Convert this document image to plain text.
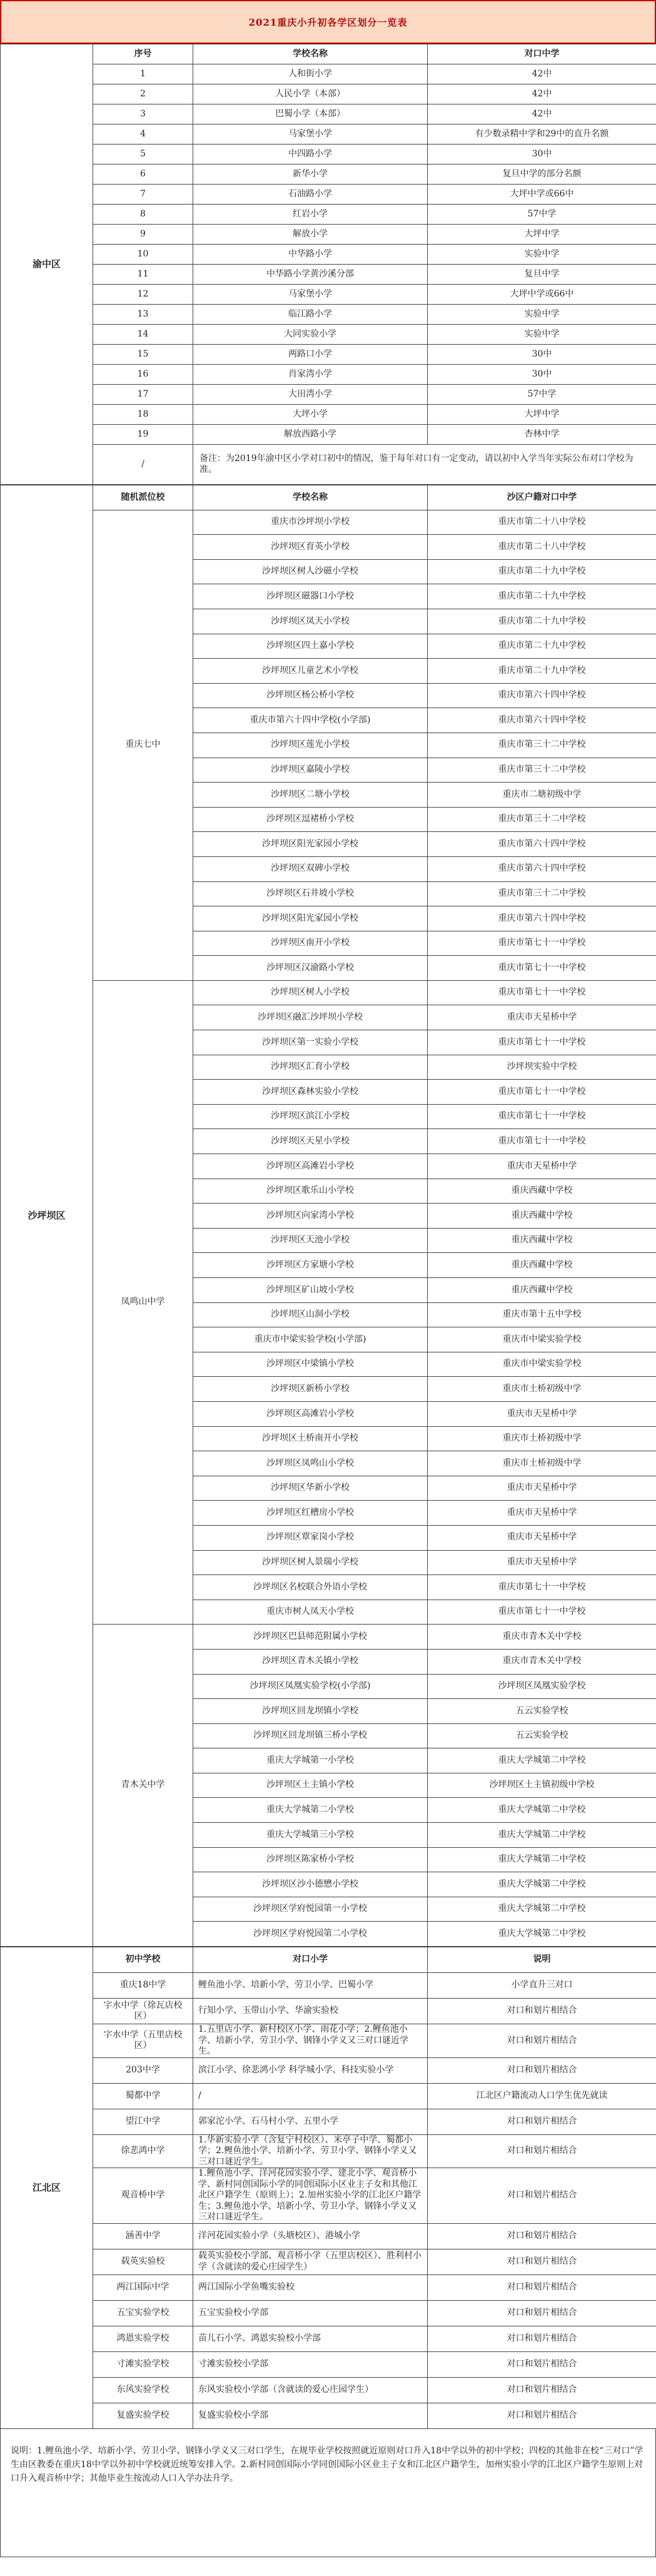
2021重庆小升初各学区划分一览表
渝中区	序号	学校名称	对口中学
	1	人和街小学	42中
	2	人民小学（本部）	42中
	3	巴蜀小学（本部）	42中
	4	马家堡小学	有少数录精中学和29中的直升名额
	5	中四路小学	30中
	6	新华小学	复旦中学的部分名额
	7	石油路小学	大坪中学或66中
	8	红岩小学	57中学
	9	解放小学	大坪中学
	10	中华路小学	实验中学
	11	中华路小学黄沙溪分部	复旦中学
	12	马家堡小学	大坪中学或66中
	13	临江路小学	实验中学
	14	大同实验小学	实验中学
	15	两路口小学	30中
	16	肖家湾小学	30中
	17	大田湾小学	57中学
	18	大坪小学	大坪中学
	19	解放西路小学	杏林中学
	/	备注：为2019年渝中区小学对口初中的情况，鉴于每年对口有一定变动，请以初中入学当年实际公布对口学校为准。	
沙坪坝区	随机派位校	学校名称	沙区户籍对口中学
	重庆七中	重庆市沙坪坝小学校	重庆市第二十八中学校
		沙坪坝区育英小学校	重庆市第二十八中学校
		沙坪坝区树人沙磁小学校	重庆市第二十九中学校
		沙坪坝区磁器口小学校	重庆市第二十九中学校
		沙坪坝区凤天小学校	重庆市第二十九中学校
		沙坪坝区四土嘉小学校	重庆市第二十九中学校
		沙坪坝区儿童艺术小学校	重庆市第二十九中学校
		沙坪坝区杨公桥小学校	重庆市第六十四中学校
		重庆市第六十四中学校(小学部)	重庆市第六十四中学校
		沙坪坝区莲光小学校	重庆市第三十二中学校
		沙坪坝区嘉陵小学校	重庆市第三十二中学校
		沙坪坝区二塘小学校	重庆市二塘初级中学
		沙坪坝区逗褚桥小学校	重庆市第三十二中学校
		沙坪坝区阳光家园小学校	重庆市第六十四中学校
		沙坪坝区双碑小学校	重庆市第六十四中学校
		沙坪坝区石井坡小学校	重庆市第三十二中学校
		沙坪坝区阳光家园小学校	重庆市第六十四中学校
		沙坪坝区南开小学校	重庆市第七十一中学校
		沙坪坝区汉渝路小学校	重庆市第七十一中学校
	凤鸣山中学	沙坪坝区树人小学校	重庆市第七十一中学校
		沙坪坝区融汇沙坪坝小学校	重庆市天星桥中学
		沙坪坝区第一实验小学校	重庆市第七十一中学校
		沙坪坝区汇育小学校	沙坪坝实验中学校
		沙坪坝区森林实验小学校	重庆市第七十一中学校
		沙坪坝区滨江小学校	重庆市第七十一中学校
		沙坪坝区天星小学校	重庆市第七十一中学校
		沙坪坝区高滩岩小学校	重庆市天星桥中学
		沙坪坝区歌乐山小学校	重庆西藏中学校
		沙坪坝区向家湾小学校	重庆西藏中学校
		沙坪坝区天池小学校	重庆西藏中学校
		沙坪坝区方家塘小学校	重庆西藏中学校
		沙坪坝区矿山坡小学校	重庆西藏中学校
		沙坪坝区山洞小学校	重庆市第十五中学校
		重庆市中梁实验学校(小学部)	重庆市中梁实验学校
		沙坪坝区中梁镇小学校	重庆市中梁实验学校
		沙坪坝区新桥小学校	重庆市土桥初级中学
		沙坪坝区高滩岩小学校	重庆市天星桥中学
		沙坪坝区土桥南开小学校	重庆市土桥初级中学
		沙坪坝区凤鸣山小学校	重庆市土桥初级中学
		沙坪坝区华新小学校	重庆市天星桥中学
		沙坪坝区红槽房小学校	重庆市天星桥中学
		沙坪坝区覃家岗小学校	重庆市天星桥中学
		沙坪坝区树人景瑞小学校	重庆市天星桥中学
		沙坪坝区名校联合外语小学校	重庆市第七十一中学校
		重庆市树人凤天小学校	重庆市第七十一中学校
	青木关中学	沙坪坝区巴县师范附属小学校	重庆市青木关中学校
		沙坪坝区青木关镇小学校	重庆市青木关中学校
		沙坪坝区凤凰实验学校(小学部)	沙坪坝区凤凰实验学校
		沙坪坝区回龙坝镇小学校	五云实验学校
		沙坪坝区回龙坝镇三桥小学校	五云实验学校
		重庆大学城第一小学校	重庆大学城第二中学校
		沙坪坝区土主镇小学校	沙坪坝区土主镇初级中学校
		重庆大学城第二小学校	重庆大学城第二中学校
		重庆大学城第三小学校	重庆大学城第二中学校
		沙坪坝区陈家桥小学校	重庆大学城第二中学校
		沙坪坝区沙小德懋小学校	重庆大学城第二中学校
		沙坪坝区学府悦园第一小学校	重庆大学城第二中学校
		沙坪坝区学府悦园第二小学校	重庆大学城第二中学校
江北区	初中学校	对口小学	说明
	重庆18中学	鲤鱼池小学、培新小学、劳卫小学、巴蜀小学	小学直升三对口
	字水中学（徐瓦店校区）	行知小学、玉带山小学、华渝实验校	对口和划片相结合
	字水中学（五里店校区）	1.五里店小学、新村校区小学、雨花小学；2.鲤鱼池小学、培新小学、劳卫小学、钢锋小学义又三对口谜近学生。	对口和划片相结合
	203中学	滨江小学、徐悲鸿小学 科学城小学、科技实验小学	对口和划片相结合
	蜀都中学	/	江北区户籍流动人口学生优先就读
	望江中学	郭家沱小学、石马村小学、五里小学	对口和划片相结合
	徐悲鸿中学	1.华新实验小学（含复宁村校区）、米亭子中学、蜀都小学；2.鲤鱼池小学、培新小学、劳卫小学、钢锋小学义又三对口谜近学生。	对口和划片相结合
	观音桥中学	1.鲤鱼池小学、洋河花园实验小学、建北小学、观音桥小学、新村同创国际小学的同创国际小区业主子女和其他江北区户籍学生（原则上）；2.加州实验小学的江北区户籍学生；3.鲤鱼池小学、培新小学、劳卫小学、钢锋小学义又三对口谜近学生。	对口和划片相结合
	涵善中学	洋河花园实验小学（头塘校区）、港城小学	对口和划片相结合
	载英实验校	载英实验校小学部、观音桥小学（五里店校区）、胜利村小学（含就读的爱心庄园学生）	对口和划片相结合
	两江国际中学	两江国际小学鱼嘴实验校	对口和划片相结合
	五宝实验学校	五宝实验校小学部	对口和划片相结合
	鸿恩实验学校	苗儿石小学、鸿恩实验校小学部	对口和划片相结合
	寸滩实验学校	寸滩实验校小学部	对口和划片相结合
	东风实验学校	东风实验校小学部（含就读的爱心庄园学生）	对口和划片相结合
	复盛实验学校	复盛实验校小学部	对口和划片相结合
说明：1.鲤鱼池小学、培新小学、劳卫小学、钢锋小学义又三对口学生，在规毕业学校按照就近原则对口升入18中学以外的初中学校；四校的其他非在校“三对口”学生由区教委在重庆18中学以外初中学校就近统筹安排入学。2.新村同创国际小学同创国际小区业主子女和江北区户籍学生，加州实验小学的江北区户籍学生原则上对口升入观音桥中学；其他毕业生按流动人口入学办法升学。
